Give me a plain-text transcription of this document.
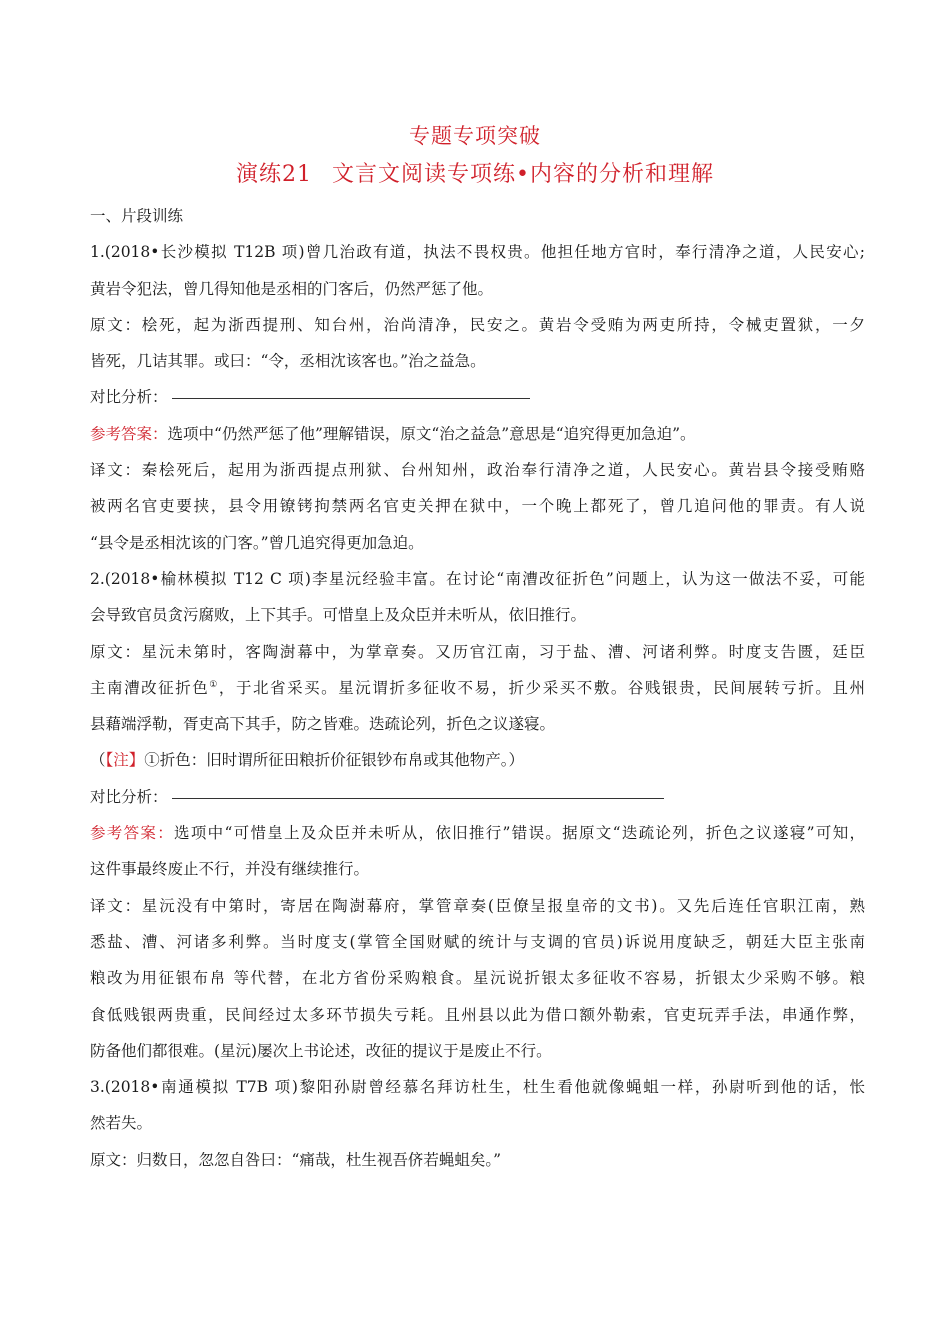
专题专项突破
演练21 文言文阅读专项练•内容的分析和理解
一、片段训练
1.(2018•长沙模拟 T12B 项)曾几治政有道，执法不畏权贵。他担任地方官时，奉行清净之道，人民安心;
黄岩令犯法，曾几得知他是丞相的门客后，仍然严惩了他。
原文：桧死，起为浙西提刑、知台州，治尚清净，民安之。黄岩令受贿为两吏所持，令械吏置狱，一夕
皆死，几诘其罪。或曰：“令，丞相沈该客也。”治之益急。
对比分析：
参考答案：选项中“仍然严惩了他”理解错误，原文“治之益急”意思是“追究得更加急迫”。
译文：秦桧死后，起用为浙西提点刑狱、台州知州，政治奉行清净之道，人民安心。黄岩县令接受贿赂
被两名官吏要挟，县令用镣铐拘禁两名官吏关押在狱中，一个晚上都死了，曾几追问他的罪责。有人说
“县令是丞相沈该的门客。”曾几追究得更加急迫。
2.(2018•榆林模拟 T12 C 项)李星沅经验丰富。在讨论“南漕改征折色”问题上，认为这一做法不妥，可能
会导致官员贪污腐败，上下其手。可惜皇上及众臣并未听从，依旧推行。
原文：星沅未第时，客陶澍幕中，为掌章奏。又历官江南，习于盐、漕、河诸利弊。时度支告匮，廷臣
主南漕改征折色①，于北省采买。星沅谓折多征收不易，折少采买不敷。谷贱银贵，民间展转亏折。且州
县藉端浮勒，胥吏高下其手，防之皆难。迭疏论列，折色之议遂寝。
（【注】①折色：旧时谓所征田粮折价征银钞布帛或其他物产。）
对比分析：
参考答案：选项中“可惜皇上及众臣并未听从，依旧推行”错误。据原文“迭疏论列，折色之议遂寝”可知，
这件事最终废止不行，并没有继续推行。
译文：星沅没有中第时，寄居在陶澍幕府，掌管章奏(臣僚呈报皇帝的文书)。又先后连任官职江南，熟
悉盐、漕、河诸多利弊。当时度支(掌管全国财赋的统计与支调的官员)诉说用度缺乏，朝廷大臣主张南
粮改为用征银布帛 等代替，在北方省份采购粮食。星沅说折银太多征收不容易，折银太少采购不够。粮
食低贱银两贵重，民间经过太多环节损失亏耗。且州县以此为借口额外勒索，官吏玩弄手法，串通作弊，
防备他们都很难。(星沅)屡次上书论述，改征的提议于是废止不行。
3.(2018•南通模拟 T7B 项)黎阳孙尉曾经慕名拜访杜生，杜生看他就像蝇蛆一样，孙尉听到他的话，怅
然若失。
原文：归数日，忽忽自咎曰：“痛哉，杜生视吾侪若蝇蛆矣。”
